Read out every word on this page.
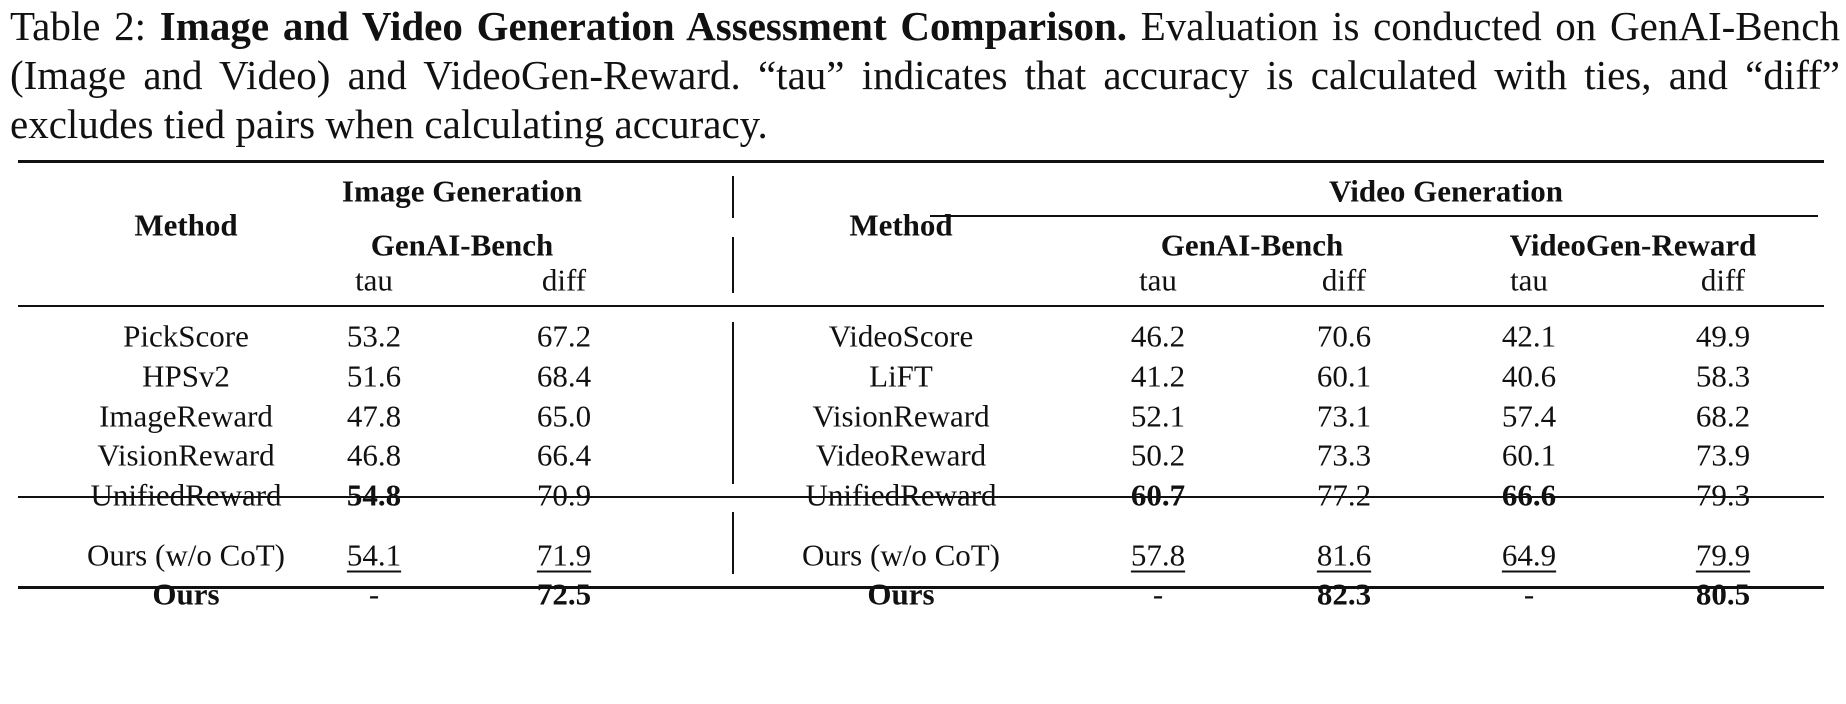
Table 2: Image and Video Generation Assessment Comparison. Evaluation is conducted on GenAI-Bench (Image and Video) and VideoGen-Reward. “tau” indicates that accuracy is calculated with ties, and “diff” excludes tied pairs when calculating accuracy.
Method
Image Generation
GenAI-Bench
tau	diff
Method
Video Generation
GenAI-Bench	VideoGen-Reward
tau	diff	tau	diff
PickScore	53.2	67.2	VideoScore	46.2	70.6	42.1	49.9
HPSv2	51.6	68.4	LiFT	41.2	60.1	40.6	58.3
ImageReward 47.8	65.0	VisionReward	52.1	73.1	57.4	68.2
VisionReward 46.8	66.4	VideoReward	50.2	73.3	60.1	73.9
UnifiedReward 54.8	70.9	UnifiedReward	60.7	77.2	66.6	79.3
Ours (w/o CoT) 54.1	71.9	Ours (w/o CoT)	57.8	81.6	64.9	79.9
Ours	-	72.5	Ours	-	82.3	-	80.5
